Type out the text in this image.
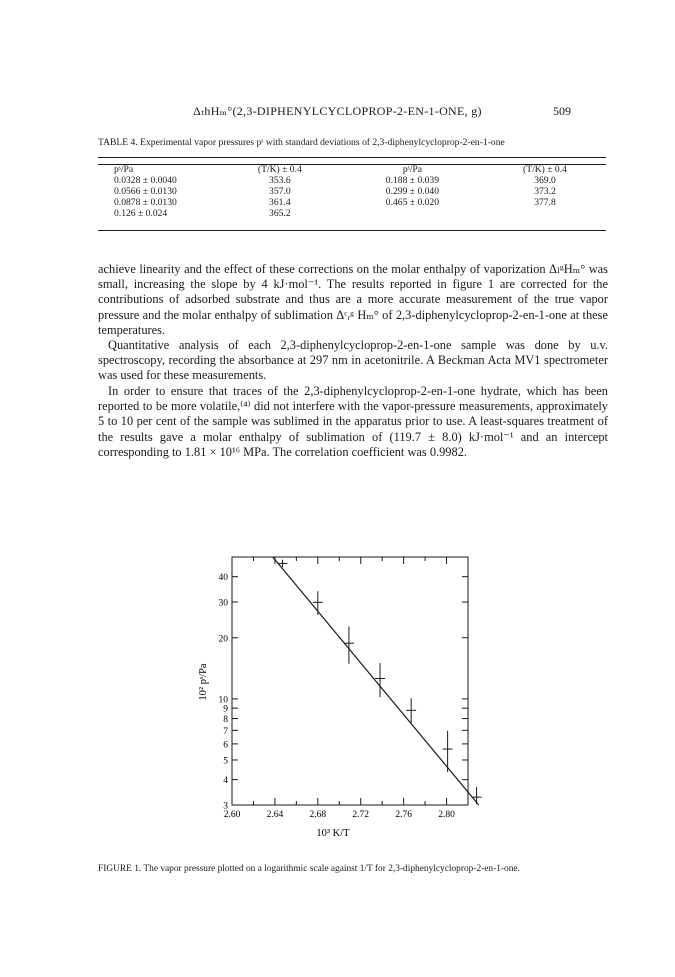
ΔₜhHₘ°(2,3-DIPHENYLCYCLOPROP-2-EN-1-ONE, g)	509
TABLE 4. Experimental vapor pressures pˢ with standard deviations of 2,3-diphenylcycloprop-2-en-1-one
pˢ/Pa	(T/K) ± 0.4	pˢ/Pa	(T/K) ± 0.4
0.0328 ± 0.0040	353.6	0.188 ± 0.039	369.0
0.0566 ± 0.0130	357.0	0.299 ± 0.040	373.2
0.0878 ± 0.0130	361.4	0.465 ± 0.020	377.8
0.126 ± 0.024	365.2		

achieve linearity and the effect of these corrections on the molar enthalpy of vaporization ΔₗᵍHₘ° was small, increasing the slope by 4 kJ·mol⁻¹. The results reported in figure 1 are corrected for the contributions of adsorbed substrate and thus are a more accurate measurement of the true vapor pressure and the molar enthalpy of sublimation Δᶜᵣᵍ Hₘ° of 2,3-diphenylcycloprop-2-en-1-one at these temperatures.

Quantitative analysis of each 2,3-diphenylcycloprop-2-en-1-one sample was done by u.v. spectroscopy, recording the absorbance at 297 nm in acetonitrile. A Beckman Acta MV1 spectrometer was used for these measurements.

In order to ensure that traces of the 2,3-diphenylcycloprop-2-en-1-one hydrate, which has been reported to be more volatile,⁽⁴⁾ did not interfere with the vapor-pressure measurements, approximately 5 to 10 per cent of the sample was sublimed in the apparatus prior to use. A least-squares treatment of the results gave a molar enthalpy of sublimation of (119.7 ± 8.0) kJ·mol⁻¹ and an intercept corresponding to 1.81 × 10¹⁶ MPa. The correlation coefficient was 0.9982.

2.60	2.64	2.68	2.72	2.76	2.80
40
30
20
10
9
8
7
6
5
4
3
10² pˢ/Pa
10³ K/T
FIGURE 1. The vapor pressure plotted on a logarithmic scale against 1/T for 2,3-diphenylcycloprop-2-en-1-one.
